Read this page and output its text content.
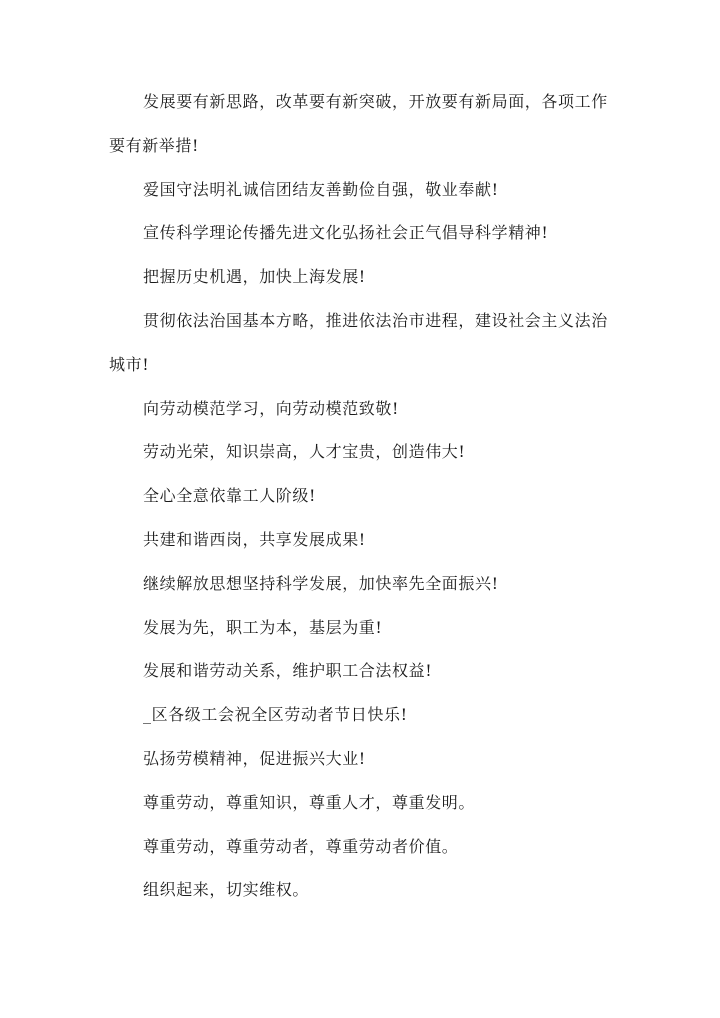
发展要有新思路，改革要有新突破，开放要有新局面，各项工作要有新举措!

爱国守法明礼诚信团结友善勤俭自强，敬业奉献!

宣传科学理论传播先进文化弘扬社会正气倡导科学精神!

把握历史机遇，加快上海发展!

贯彻依法治国基本方略，推进依法治市进程，建设社会主义法治城市!

向劳动模范学习，向劳动模范致敬!

劳动光荣，知识崇高，人才宝贵，创造伟大!

全心全意依靠工人阶级!

共建和谐西岗，共享发展成果!

继续解放思想坚持科学发展，加快率先全面振兴!

发展为先，职工为本，基层为重!

发展和谐劳动关系，维护职工合法权益!

_区各级工会祝全区劳动者节日快乐!

弘扬劳模精神，促进振兴大业!

尊重劳动，尊重知识，尊重人才，尊重发明。

尊重劳动，尊重劳动者，尊重劳动者价值。

组织起来，切实维权。
